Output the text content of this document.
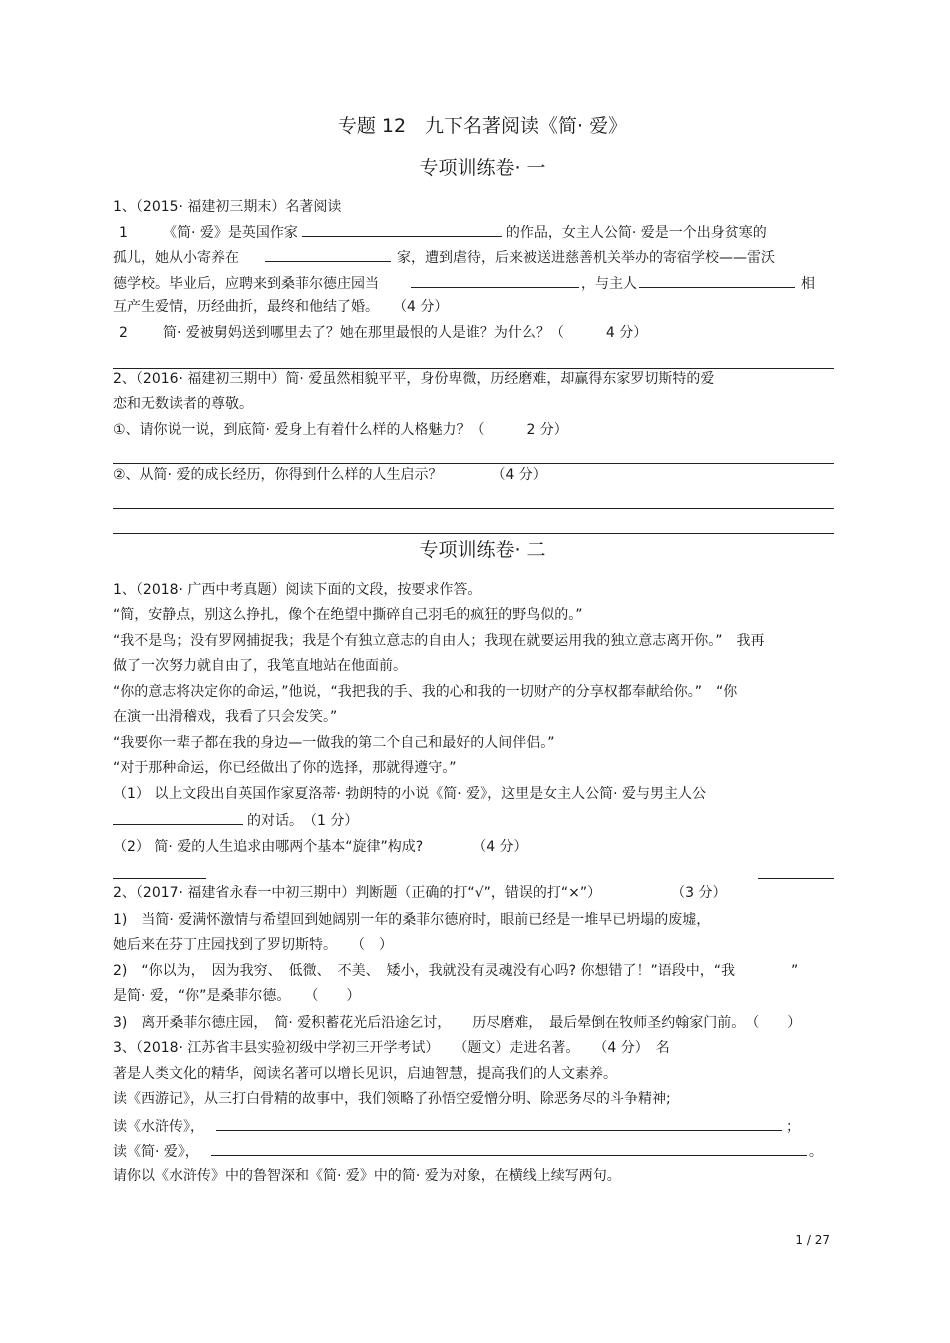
专题 12　九下名著阅读《简· 爱》
专项训练卷· 一
1、（2015· 福建初三期末）名著阅读
1	《简· 爱》是英国作家	的作品，女主人公简· 爱是一个出身贫寒的
孤儿，她从小寄养在	家，遭到虐待，后来被送进慈善机关举办的寄宿学校——雷沃
德学校。毕业后，应聘来到桑菲尔德庄园当	，与主人	相
互产生爱情，历经曲折，最终和他结了婚。　　（4 分）
2	简· 爱被舅妈送到哪里去了？她在那里最恨的人是谁？为什么？（　　　4 分）
2、（2016· 福建初三期中）简· 爱虽然相貌平平，身份卑微，历经磨难，却赢得东家罗切斯特的爱
恋和无数读者的尊敬。
①、请你说一说，到底简· 爱身上有着什么样的人格魅力？（　　　2 分）
②、从简· 爱的成长经历，你得到什么样的人生启示？　　　　（4 分）
专项训练卷· 二
1、（2018· 广西中考真题）阅读下面的文段，按要求作答。
“简，安静点，别这么挣扎，像个在绝望中撕碎自己羽毛的疯狂的野鸟似的。”
“我不是鸟；没有罗网捕捉我；我是个有独立意志的自由人；我现在就要运用我的独立意志离开你。”　我再
做了一次努力就自由了，我笔直地站在他面前。
“你的意志将决定你的命运，”他说，“我把我的手、我的心和我的一切财产的分享权都奉献给你。”　“你
在演一出滑稽戏，我看了只会发笑。”
“我要你一辈子都在我的身边—一做我的第二个自己和最好的人间伴侣。”
“对于那种命运，你已经做出了你的选择，那就得遵守。”
（1） 以上文段出自英国作家夏洛蒂· 勃朗特的小说《简· 爱》，这里是女主人公简· 爱与男主人公
的对话。　（1 分）
（2） 简· 爱的人生追求由哪两个基本“旋律”构成?　　　　（4 分）
2、（2017· 福建省永春一中初三期中）判断题（正确的打“√”，错误的打“×”）　　　　　　（3 分）
1)　当简· 爱满怀激情与希望回到她阔别一年的桑菲尔德府时，眼前已经是一堆早已坍塌的废墟，
她后来在芬丁庄园找到了罗切斯特。　　（　）
2)　“你以为，　因为我穷、　低微、　不美、　矮小，我就没有灵魂没有心吗? 你想错了！”语段中，“我　　　　”
是简· 爱，“你”是桑菲尔德。　　（　　）
3)　离开桑菲尔德庄园，　简· 爱积蓄花光后沿途乞讨，　　历尽磨难，　最后晕倒在牧师圣约翰家门前。　（　　）
3、（2018· 江苏省丰县实验初级中学初三开学考试）　　（题文）走进名著。　　（4 分）　名
著是人类文化的精华，阅读名著可以增长见识，启迪智慧，提高我们的人文素养。
读《西游记》，从三打白骨精的故事中，我们领略了孙悟空爱憎分明、除恶务尽的斗争精神;
读《水浒传》，	；
读《简· 爱》，	。
请你以《水浒传》中的鲁智深和《简· 爱》中的简· 爱为对象，在横线上续写两句。
1 / 27
